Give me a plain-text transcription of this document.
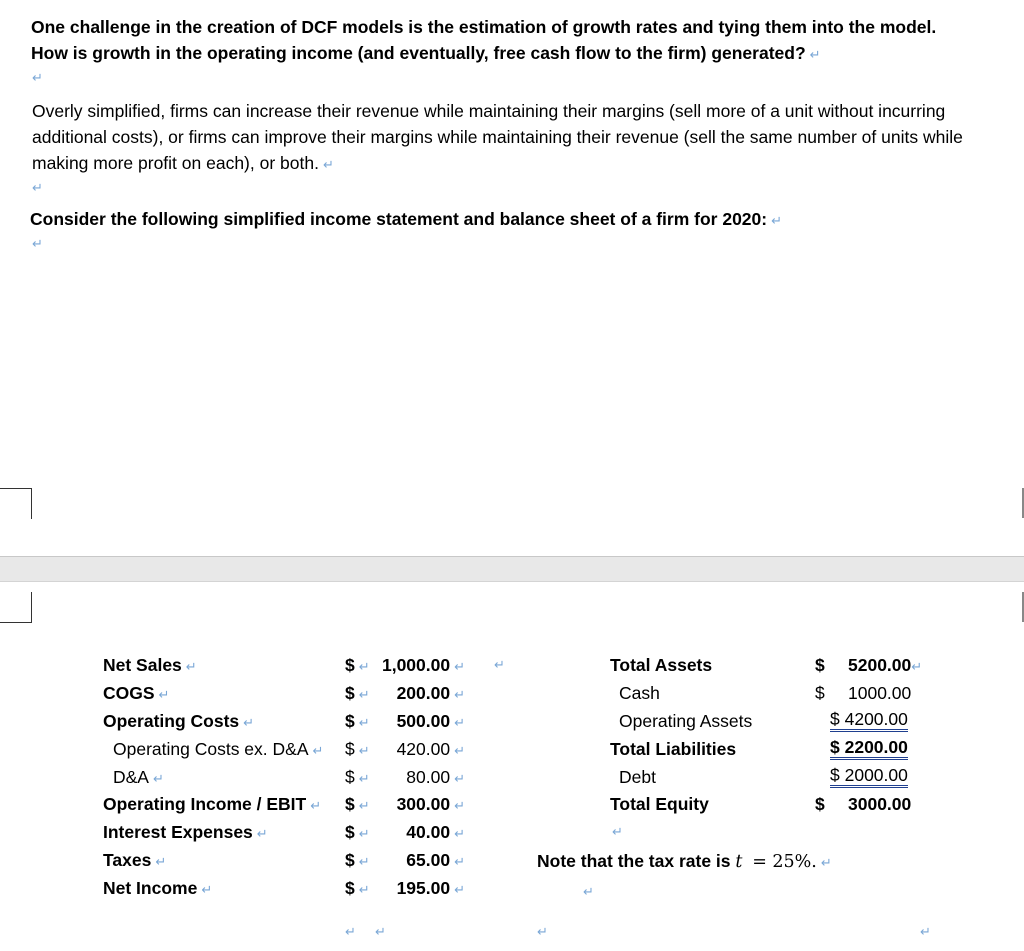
One challenge in the creation of DCF models is the estimation of growth rates and tying them into the model.
How is growth in the operating income (and eventually, free cash flow to the firm) generated? ↵
↵
Overly simplified, firms can increase their revenue while maintaining their margins (sell more of a unit without incurring additional costs), or firms can improve their margins while maintaining their revenue (sell the same number of units while making more profit on each), or both. ↵
↵
Consider the following simplified income statement and balance sheet of a firm for 2020: ↵
↵
Net Sales ↵	$ ↵ 1,000.00 ↵ ↵
COGS ↵	$ ↵	200.00 ↵
Operating Costs ↵	$ ↵	500.00 ↵
Operating Costs ex. D&A ↵ $ ↵	420.00 ↵
D&A ↵	$ ↵	80.00 ↵
Operating Income / EBIT ↵ $ ↵	300.00 ↵
Interest Expenses ↵	$ ↵	40.00 ↵
Taxes ↵	$ ↵	65.00 ↵
Net Income ↵	$ ↵	195.00 ↵
Total Assets	$ 5200.00↵
Cash	$ 1000.00
Operating Assets	$ 4200.00
Total Liabilities	$ 2200.00
Debt	$ 2000.00
Total Equity	$ 3000.00
↵
Note that the tax rate is t = 25%. ↵
↵
↵ ↵	↵	↵
